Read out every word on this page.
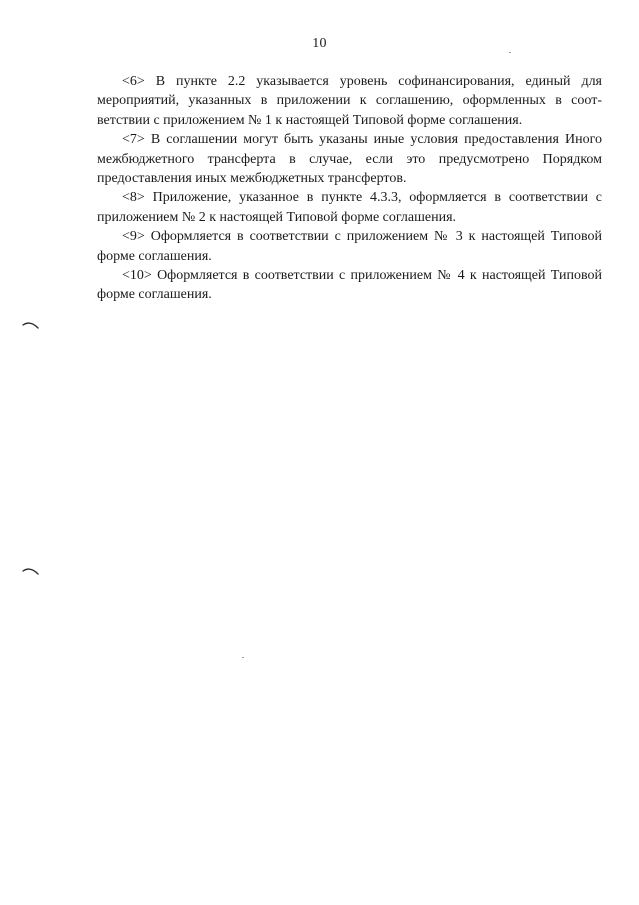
10

<6> В пункте 2.2 указывается уровень софинансирования, единый для мероприятий, указанных в приложении к соглашению, оформленных в соответствии с приложением № 1 к настоящей Типовой форме соглашения.

<7> В соглашении могут быть указаны иные условия предоставления Иного межбюджетного трансферта в случае, если это предусмотрено Порядком предоставления иных межбюджетных трансфертов.

<8> Приложение, указанное в пункте 4.3.3, оформляется в соответствии с приложением № 2 к настоящей Типовой форме соглашения.

<9> Оформляется в соответствии с приложением № 3 к настоящей Типовой форме соглашения.

<10> Оформляется в соответствии с приложением № 4 к настоящей Типовой форме соглашения.
